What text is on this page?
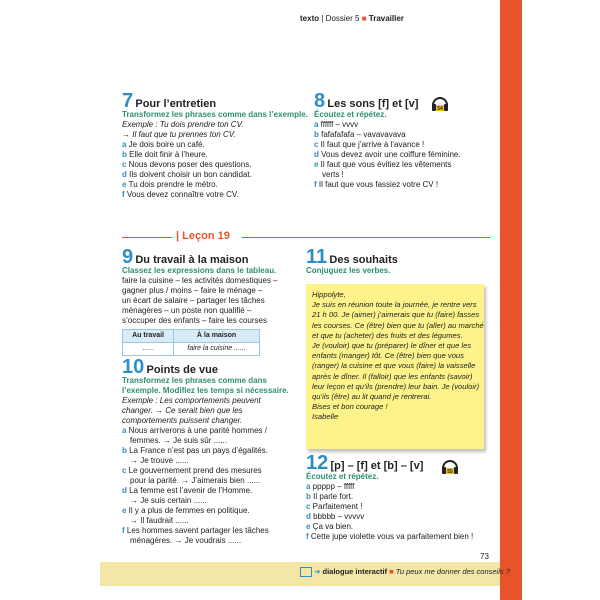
texto | Dossier 5 ■ Travailler
7 Pour l’entretien
Transformez les phrases comme dans l’exemple.
Exemple : Tu dois prendre ton CV.
→ Il faut que tu prennes ton CV.
a Je dois boire un café.
b Elle doit finir à l’heure.
c Nous devons poser des questions.
d Ils doivent choisir un bon candidat.
e Tu dois prendre le métro.
f Vous devez connaître votre CV.
8 Les sons [f] et [v]
Écoutez et répétez.
a ffffff – vvvv
b fafafafafa – vavavavava
c Il faut que j’arrive à l’avance !
d Vous devez avoir une coiffure féminine.
e Il faut que vous évitiez les vêtements
verts !
f Il faut que vous fassiez votre CV !
54
| Leçon 19
9 Du travail à la maison
Classez les expressions dans le tableau.
faire la cuisine – les activités domestiques –
gagner plus / moins – faire le ménage –
un écart de salaire – partager les tâches
ménagères – un poste non qualifié –
s’occuper des enfants – faire les courses
Au travail	À la maison
......	faire la cuisine ......
10 Points de vue
Transformez les phrases comme dans
l’exemple. Modifiez les temps si nécessaire.
Exemple : Les comportements peuvent
changer. → Ce serait bien que les
comportements puissent changer.
a Nous arriverons à une parité hommes /
femmes. → Je suis sûr ......
b La France n’est pas un pays d’égalités.
→ Je trouve ......
c Le gouvernement prend des mesures
pour la parité. → J’aimerais bien ......
d La femme est l’avenir de l’Homme.
→ Je suis certain ......
e Il y a plus de femmes en politique.
→ Il faudrait ......
f Les hommes savent partager les tâches
ménagères. → Je voudrais ......
11 Des souhaits
Conjuguez les verbes.
Hippolyte,
Je suis en réunion toute la journée, je rentre vers
21 h 00. Je (aimer) j’aimerais que tu (faire) fasses
les courses. Ce (être) bien que tu (aller) au marché
et que tu (acheter) des fruits et des légumes.
Je (vouloir) que tu (préparer) le dîner et que les
enfants (manger) tôt. Ce (être) bien que vous
(ranger) la cuisine et que vous (faire) la vaisselle
après le dîner. Il (falloir) que les enfants (savoir)
leur leçon et qu’ils (prendre) leur bain. Je (vouloir)
qu’ils (être) au lit quand je rentrerai.
Bises et bon courage !
Isabelle
12 [p] – [f] et [b] – [v]
Écoutez et répétez.
a ppppp – fffff
b Il parle fort.
c Parfaitement !
d bbbbb – vvvvv
e Ça va bien.
f Cette jupe violette vous va parfaitement bien !
55
73
➜ dialogue interactif ■ Tu peux me donner des conseils ?
